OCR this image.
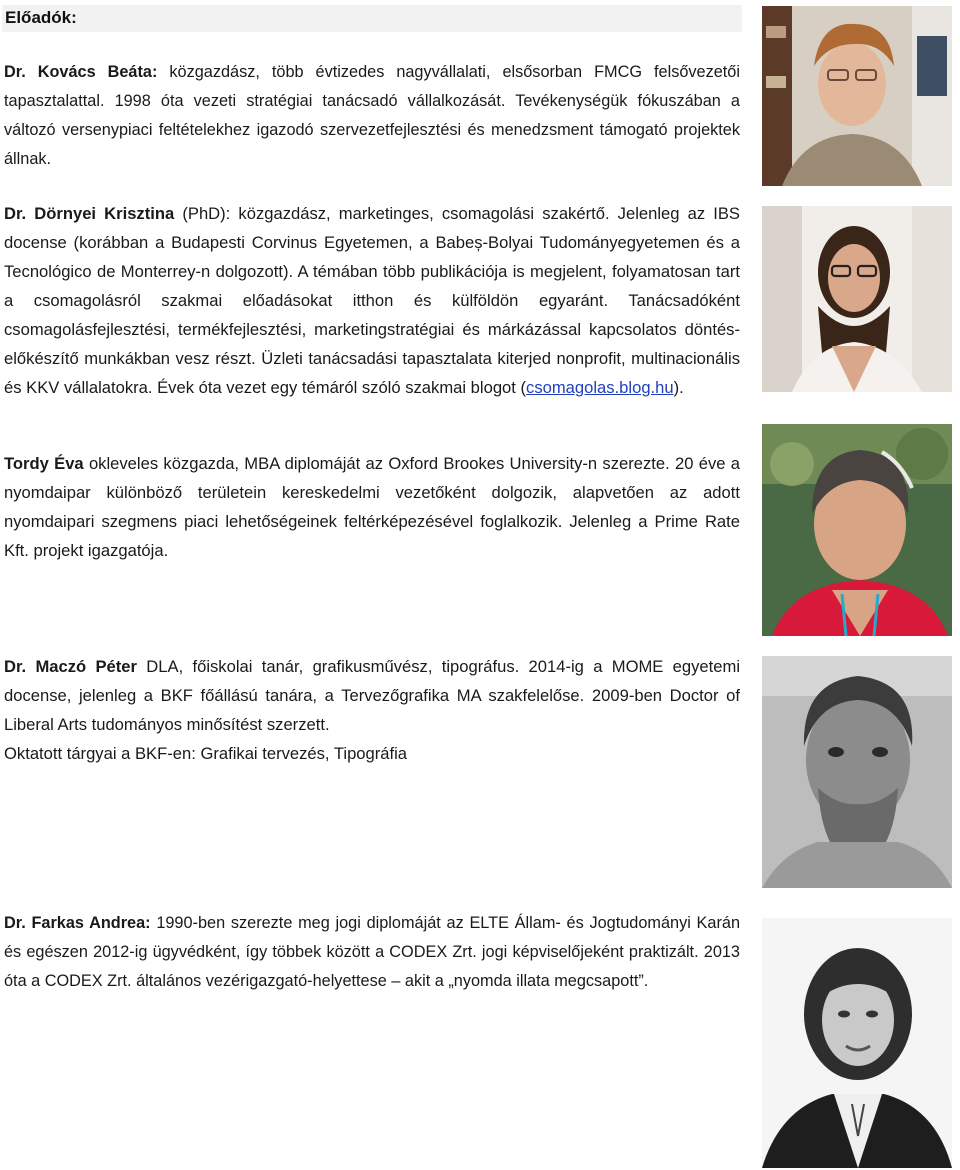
Előadók:

Dr. Kovács Beáta: közgazdász, több évtizedes nagyvállalati, elsősorban FMCG felsővezetői tapasztalattal. 1998 óta vezeti stratégiai tanácsadó vállalkozását. Tevékenységük fókuszában a változó versenypiaci feltételekhez igazodó szervezetfejlesztési és menedzsment támogató projektek állnak.

Dr. Dörnyei Krisztina (PhD): közgazdász, marketinges, csomagolási szakértő. Jelenleg az IBS docense (korábban a Budapesti Corvinus Egyetemen, a Babeș-Bolyai Tudományegyetemen és a Tecnológico de Monterrey-n dolgozott). A témában több publikációja is megjelent, folyamatosan tart a csomagolásról szakmai előadásokat itthon és külföldön egyaránt. Tanácsadóként csomagolásfejlesztési, termékfejlesztési, marketingstratégiai és márkázással kapcsolatos döntés-előkészítő munkákban vesz részt. Üzleti tanácsadási tapasztalata kiterjed nonprofit, multinacionális és KKV vállalatokra. Évek óta vezet egy témáról szóló szakmai blogot (csomagolas.blog.hu).

Tordy Éva okleveles közgazda, MBA diplomáját az Oxford Brookes University-n szerezte. 20 éve a nyomdaipar különböző területein kereskedelmi vezetőként dolgozik, alapvetően az adott nyomdaipari szegmens piaci lehetőségeinek feltérképezésével foglalkozik. Jelenleg a Prime Rate Kft. projekt igazgatója.

Dr. Maczó Péter DLA, főiskolai tanár, grafikusművész, tipográfus. 2014-ig a MOME egyetemi docense, jelenleg a BKF főállású tanára, a Tervezőgrafika MA szakfelelőse. 2009-ben Doctor of Liberal Arts tudományos minősítést szerzett.
Oktatott tárgyai a BKF-en: Grafikai tervezés, Tipográfia

Dr. Farkas Andrea: 1990-ben szerezte meg jogi diplomáját az ELTE Állam- és Jogtudományi Karán és egészen 2012-ig ügyvédként, így többek között a CODEX Zrt. jogi képviselőjeként praktizált. 2013 óta a CODEX Zrt. általános vezérigazgató-helyettese – akit a „nyomda illata megcsapott”.
